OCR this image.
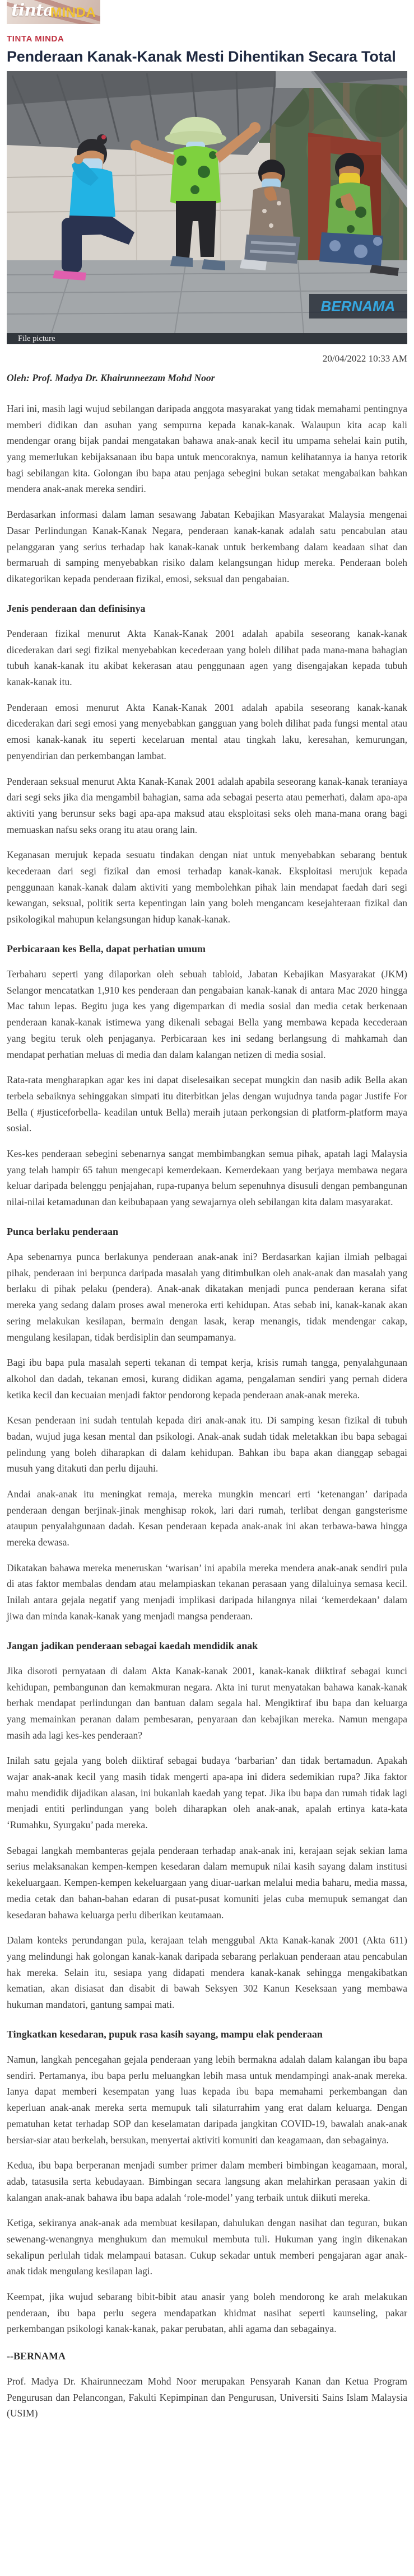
tinta
MINDA
TINTA MINDA
Penderaan Kanak-Kanak Mesti Dihentikan Secara Total
BERNAMA
File picture
20/04/2022 10:33 AM
Oleh: Prof. Madya Dr. Khairunneezam Mohd Noor

Hari ini, masih lagi wujud sebilangan daripada anggota masyarakat yang tidak memahami pentingnya memberi didikan dan asuhan yang sempurna kepada kanak-kanak. Walaupun kita acap kali mendengar orang bijak pandai mengatakan bahawa anak-anak kecil itu umpama sehelai kain putih, yang memerlukan kebijaksanaan ibu bapa untuk mencoraknya, namun kelihatannya ia hanya retorik bagi sebilangan kita. Golongan ibu bapa atau penjaga sebegini bukan setakat mengabaikan bahkan mendera anak-anak mereka sendiri.

Berdasarkan informasi dalam laman sesawang Jabatan Kebajikan Masyarakat Malaysia mengenai Dasar Perlindungan Kanak-Kanak Negara, penderaan kanak-kanak adalah satu pencabulan atau pelanggaran yang serius terhadap hak kanak-kanak untuk berkembang dalam keadaan sihat dan bermaruah di samping menyebabkan risiko dalam kelangsungan hidup mereka. Penderaan boleh dikategorikan kepada penderaan fizikal, emosi, seksual dan pengabaian.

Jenis penderaan dan definisinya

Penderaan fizikal menurut Akta Kanak-Kanak 2001 adalah apabila seseorang kanak-kanak dicederakan dari segi fizikal menyebabkan kecederaan yang boleh dilihat pada mana-mana bahagian tubuh kanak-kanak itu akibat kekerasan atau penggunaan agen yang disengajakan kepada tubuh kanak-kanak itu.

Penderaan emosi menurut Akta Kanak-Kanak 2001 adalah apabila seseorang kanak-kanak dicederakan dari segi emosi yang menyebabkan gangguan yang boleh dilihat pada fungsi mental atau emosi kanak-kanak itu seperti kecelaruan mental atau tingkah laku, keresahan, kemurungan, penyendirian dan perkembangan lambat.

Penderaan seksual menurut Akta Kanak-Kanak 2001 adalah apabila seseorang kanak-kanak teraniaya dari segi seks jika dia mengambil bahagian, sama ada sebagai peserta atau pemerhati, dalam apa-apa aktiviti yang berunsur seks bagi apa-apa maksud atau eksploitasi seks oleh mana-mana orang bagi memuaskan nafsu seks orang itu atau orang lain.

Keganasan merujuk kepada sesuatu tindakan dengan niat untuk menyebabkan sebarang bentuk kecederaan dari segi fizikal dan emosi terhadap kanak-kanak. Eksploitasi merujuk kepada penggunaan kanak-kanak dalam aktiviti yang membolehkan pihak lain mendapat faedah dari segi kewangan, seksual, politik serta kepentingan lain yang boleh mengancam kesejahteraan fizikal dan psikologikal mahupun kelangsungan hidup kanak-kanak.

Perbicaraan kes Bella, dapat perhatian umum

Terbaharu seperti yang dilaporkan oleh sebuah tabloid, Jabatan Kebajikan Masyarakat (JKM) Selangor mencatatkan 1,910 kes penderaan dan pengabaian kanak-kanak di antara Mac 2020 hingga Mac tahun lepas. Begitu juga kes yang digemparkan di media sosial dan media cetak berkenaan penderaan kanak-kanak istimewa yang dikenali sebagai Bella yang membawa kepada kecederaan yang begitu teruk oleh penjaganya. Perbicaraan kes ini sedang berlangsung di mahkamah dan mendapat perhatian meluas di media dan dalam kalangan netizen di media sosial.

Rata-rata mengharapkan agar kes ini dapat diselesaikan secepat mungkin dan nasib adik Bella akan terbela sebaiknya sehinggakan simpati itu diterbitkan jelas dengan wujudnya tanda pagar Justife For Bella ( #justiceforbella- keadilan untuk Bella) meraih jutaan perkongsian di platform-platform maya sosial.

Kes-kes penderaan sebegini sebenarnya sangat membimbangkan semua pihak, apatah lagi Malaysia yang telah hampir 65 tahun mengecapi kemerdekaan. Kemerdekaan yang berjaya membawa negara keluar daripada belenggu penjajahan, rupa-rupanya belum sepenuhnya disusuli dengan pembangunan nilai-nilai ketamadunan dan keibubapaan yang sewajarnya oleh sebilangan kita dalam masyarakat.

Punca berlaku penderaan

Apa sebenarnya punca berlakunya penderaan anak-anak ini? Berdasarkan kajian ilmiah pelbagai pihak, penderaan ini berpunca daripada masalah yang ditimbulkan oleh anak-anak dan masalah yang berlaku di pihak pelaku (pendera). Anak-anak dikatakan menjadi punca penderaan kerana sifat mereka yang sedang dalam proses awal meneroka erti kehidupan. Atas sebab ini, kanak-kanak akan sering melakukan kesilapan, bermain dengan lasak, kerap menangis, tidak mendengar cakap, mengulang kesilapan, tidak berdisiplin dan seumpamanya.

Bagi ibu bapa pula masalah seperti tekanan di tempat kerja, krisis rumah tangga, penyalahgunaan alkohol dan dadah, tekanan emosi, kurang didikan agama, pengalaman sendiri yang pernah didera ketika kecil dan kecuaian menjadi faktor pendorong kepada penderaan anak-anak mereka.

Kesan penderaan ini sudah tentulah kepada diri anak-anak itu. Di samping kesan fizikal di tubuh badan, wujud juga kesan mental dan psikologi. Anak-anak sudah tidak meletakkan ibu bapa sebagai pelindung yang boleh diharapkan di dalam kehidupan. Bahkan ibu bapa akan dianggap sebagai musuh yang ditakuti dan perlu dijauhi.

Andai anak-anak itu meningkat remaja, mereka mungkin mencari erti ‘ketenangan’ daripada penderaan dengan berjinak-jinak menghisap rokok, lari dari rumah, terlibat dengan gangsterisme ataupun penyalahgunaan dadah. Kesan penderaan kepada anak-anak ini akan terbawa-bawa hingga mereka dewasa.

Dikatakan bahawa mereka meneruskan ‘warisan’ ini apabila mereka mendera anak-anak sendiri pula di atas faktor membalas dendam atau melampiaskan tekanan perasaan yang dilaluinya semasa kecil. Inilah antara gejala negatif yang menjadi implikasi daripada hilangnya nilai ‘kemerdekaan’ dalam jiwa dan minda kanak-kanak yang menjadi mangsa penderaan.

Jangan jadikan penderaan sebagai kaedah mendidik anak

Jika disoroti pernyataan di dalam Akta Kanak-kanak 2001, kanak-kanak diiktiraf sebagai kunci kehidupan, pembangunan dan kemakmuran negara. Akta ini turut menyatakan bahawa kanak-kanak berhak mendapat perlindungan dan bantuan dalam segala hal. Mengiktiraf ibu bapa dan keluarga yang memainkan peranan dalam pembesaran, penyaraan dan kebajikan mereka. Namun mengapa masih ada lagi kes-kes penderaan?

Inilah satu gejala yang boleh diiktiraf sebagai budaya ‘barbarian’ dan tidak bertamadun. Apakah wajar anak-anak kecil yang masih tidak mengerti apa-apa ini didera sedemikian rupa? Jika faktor mahu mendidik dijadikan alasan, ini bukanlah kaedah yang tepat. Jika ibu bapa dan rumah tidak lagi menjadi entiti perlindungan yang boleh diharapkan oleh anak-anak, apalah ertinya kata-kata ‘Rumahku, Syurgaku’ pada mereka.

Sebagai langkah membanteras gejala penderaan terhadap anak-anak ini, kerajaan sejak sekian lama serius melaksanakan kempen-kempen kesedaran dalam memupuk nilai kasih sayang dalam institusi kekeluargaan. Kempen-kempen kekeluargaan yang diuar-uarkan melalui media baharu, media massa, media cetak dan bahan-bahan edaran di pusat-pusat komuniti jelas cuba memupuk semangat dan kesedaran bahawa keluarga perlu diberikan keutamaan.

Dalam konteks perundangan pula, kerajaan telah menggubal Akta Kanak-kanak 2001 (Akta 611) yang melindungi hak golongan kanak-kanak daripada sebarang perlakuan penderaan atau pencabulan hak mereka. Selain itu, sesiapa yang didapati mendera kanak-kanak sehingga mengakibatkan kematian, akan disiasat dan disabit di bawah Seksyen 302 Kanun Keseksaan yang membawa hukuman mandatori, gantung sampai mati.

Tingkatkan kesedaran, pupuk rasa kasih sayang, mampu elak penderaan

Namun, langkah pencegahan gejala penderaan yang lebih bermakna adalah dalam kalangan ibu bapa sendiri. Pertamanya, ibu bapa perlu meluangkan lebih masa untuk mendampingi anak-anak mereka. Ianya dapat memberi kesempatan yang luas kepada ibu bapa memahami perkembangan dan keperluan anak-anak mereka serta memupuk tali silaturrahim yang erat dalam keluarga. Dengan pematuhan ketat terhadap SOP dan keselamatan daripada jangkitan COVID-19, bawalah anak-anak bersiar-siar atau berkelah, bersukan, menyertai aktiviti komuniti dan keagamaan, dan sebagainya.

Kedua, ibu bapa berperanan menjadi sumber primer dalam memberi bimbingan keagamaan, moral, adab, tatasusila serta kebudayaan. Bimbingan secara langsung akan melahirkan perasaan yakin di kalangan anak-anak bahawa ibu bapa adalah ‘role-model’ yang terbaik untuk diikuti mereka.

Ketiga, sekiranya anak-anak ada membuat kesilapan, dahulukan dengan nasihat dan teguran, bukan sewenang-wenangnya menghukum dan memukul membuta tuli. Hukuman yang ingin dikenakan sekalipun perlulah tidak melampaui batasan. Cukup sekadar untuk memberi pengajaran agar anak-anak tidak mengulang kesilapan lagi.

Keempat, jika wujud sebarang bibit-bibit atau anasir yang boleh mendorong ke arah melakukan penderaan, ibu bapa perlu segera mendapatkan khidmat nasihat seperti kaunseling, pakar perkembangan psikologi kanak-kanak, pakar perubatan, ahli agama dan sebagainya.

--BERNAMA

Prof. Madya Dr. Khairunneezam Mohd Noor merupakan Pensyarah Kanan dan Ketua Program Pengurusan dan Pelancongan, Fakulti Kepimpinan dan Pengurusan, Universiti Sains Islam Malaysia (USIM)
